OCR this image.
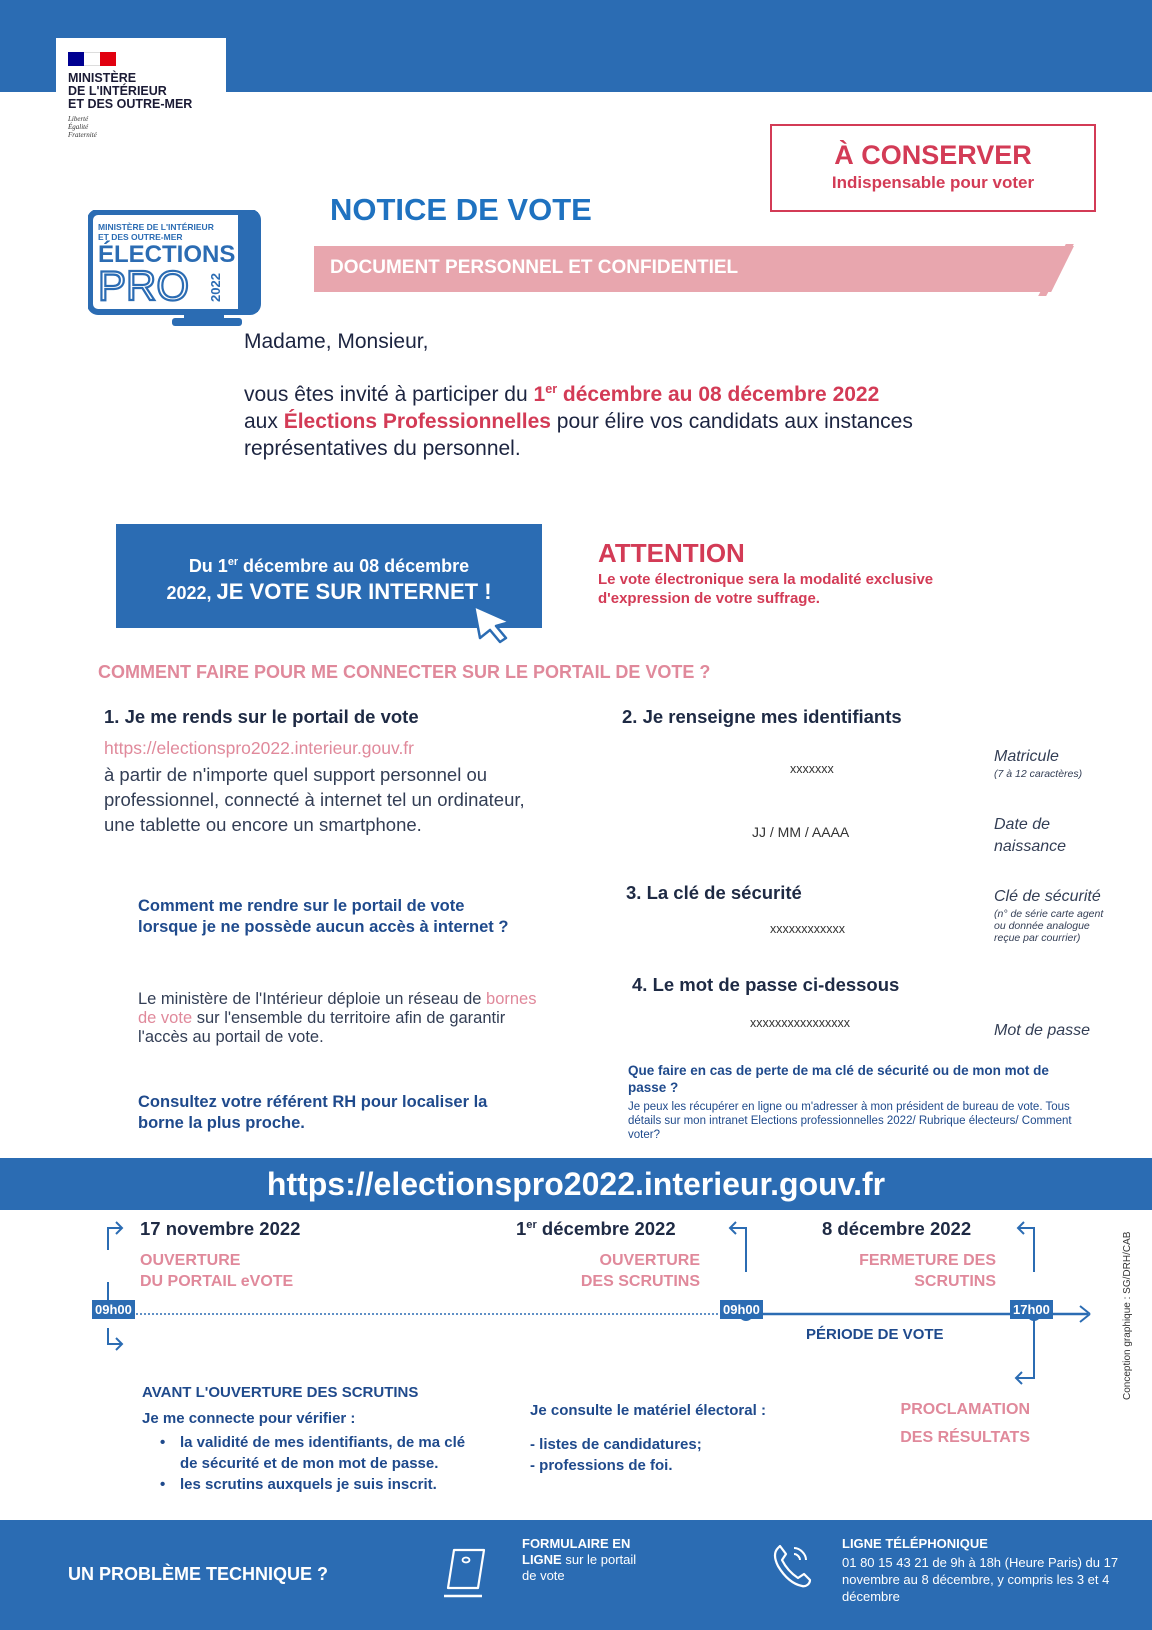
MINISTÈRE
DE L'INTÉRIEUR
ET DES OUTRE-MER
Liberté
Égalité
Fraternité
À CONSERVER
Indispensable pour voter
MINISTÈRE DE L'INTÉRIEUR
ET DES OUTRE-MER
ÉLECTIONS
PRO 2022
NOTICE DE VOTE
DOCUMENT PERSONNEL ET CONFIDENTIEL
Madame, Monsieur,
vous êtes invité à participer du 1er décembre au 08 décembre 2022
aux Élections Professionnelles pour élire vos candidats aux instances représentatives du personnel.
Du 1er décembre au 08 décembre
2022, JE VOTE SUR INTERNET !
ATTENTION
Le vote électronique sera la modalité exclusive d'expression de votre suffrage.
COMMENT FAIRE POUR ME CONNECTER SUR LE PORTAIL DE VOTE ?
1. Je me rends sur le portail de vote
https://electionspro2022.interieur.gouv.fr
à partir de n'importe quel support personnel ou professionnel, connecté à internet tel un ordinateur, une tablette ou encore un smartphone.
Comment me rendre sur le portail de vote lorsque je ne possède aucun accès à internet ?
Le ministère de l'Intérieur déploie un réseau de bornes de vote sur l'ensemble du territoire afin de garantir l'accès au portail de vote.
Consultez votre référent RH pour localiser la borne la plus proche.
2. Je renseigne mes identifiants
xxxxxxx
Matricule
(7 à 12 caractères)
JJ / MM / AAAA	Date de naissance
3. La clé de sécurité
xxxxxxxxxxxx
Clé de sécurité
(n° de série carte agent ou donnée analogue reçue par courrier)
4. Le mot de passe ci-dessous
xxxxxxxxxxxxxxxx	Mot de passe
Que faire en cas de perte de ma clé de sécurité ou de mon mot de passe ?
Je peux les récupérer en ligne ou m'adresser à mon président de bureau de vote. Tous détails sur mon intranet Elections professionnelles 2022/ Rubrique électeurs/ Comment voter?
https://electionspro2022.interieur.gouv.fr
17 novembre 2022
OUVERTURE
DU PORTAIL eVOTE
09h00
1er décembre 2022
OUVERTURE
DES SCRUTINS
09h00
8 décembre 2022
FERMETURE DES
SCRUTINS
17h00
PÉRIODE DE VOTE
AVANT L'OUVERTURE DES SCRUTINS
Je me connecte pour vérifier :
• la validité de mes identifiants, de ma clé de sécurité et de mon mot de passe.
• les scrutins auxquels je suis inscrit.
Je consulte le matériel électoral :
- listes de candidatures;
- professions de foi.
PROCLAMATION
DES RÉSULTATS
Conception graphique : SG/DRH/CAB
UN PROBLÈME TECHNIQUE ?
FORMULAIRE EN
LIGNE sur le portail
de vote
LIGNE TÉLÉPHONIQUE
01 80 15 43 21 de 9h à 18h (Heure Paris) du 17 novembre au 8 décembre, y compris les 3 et 4 décembre
